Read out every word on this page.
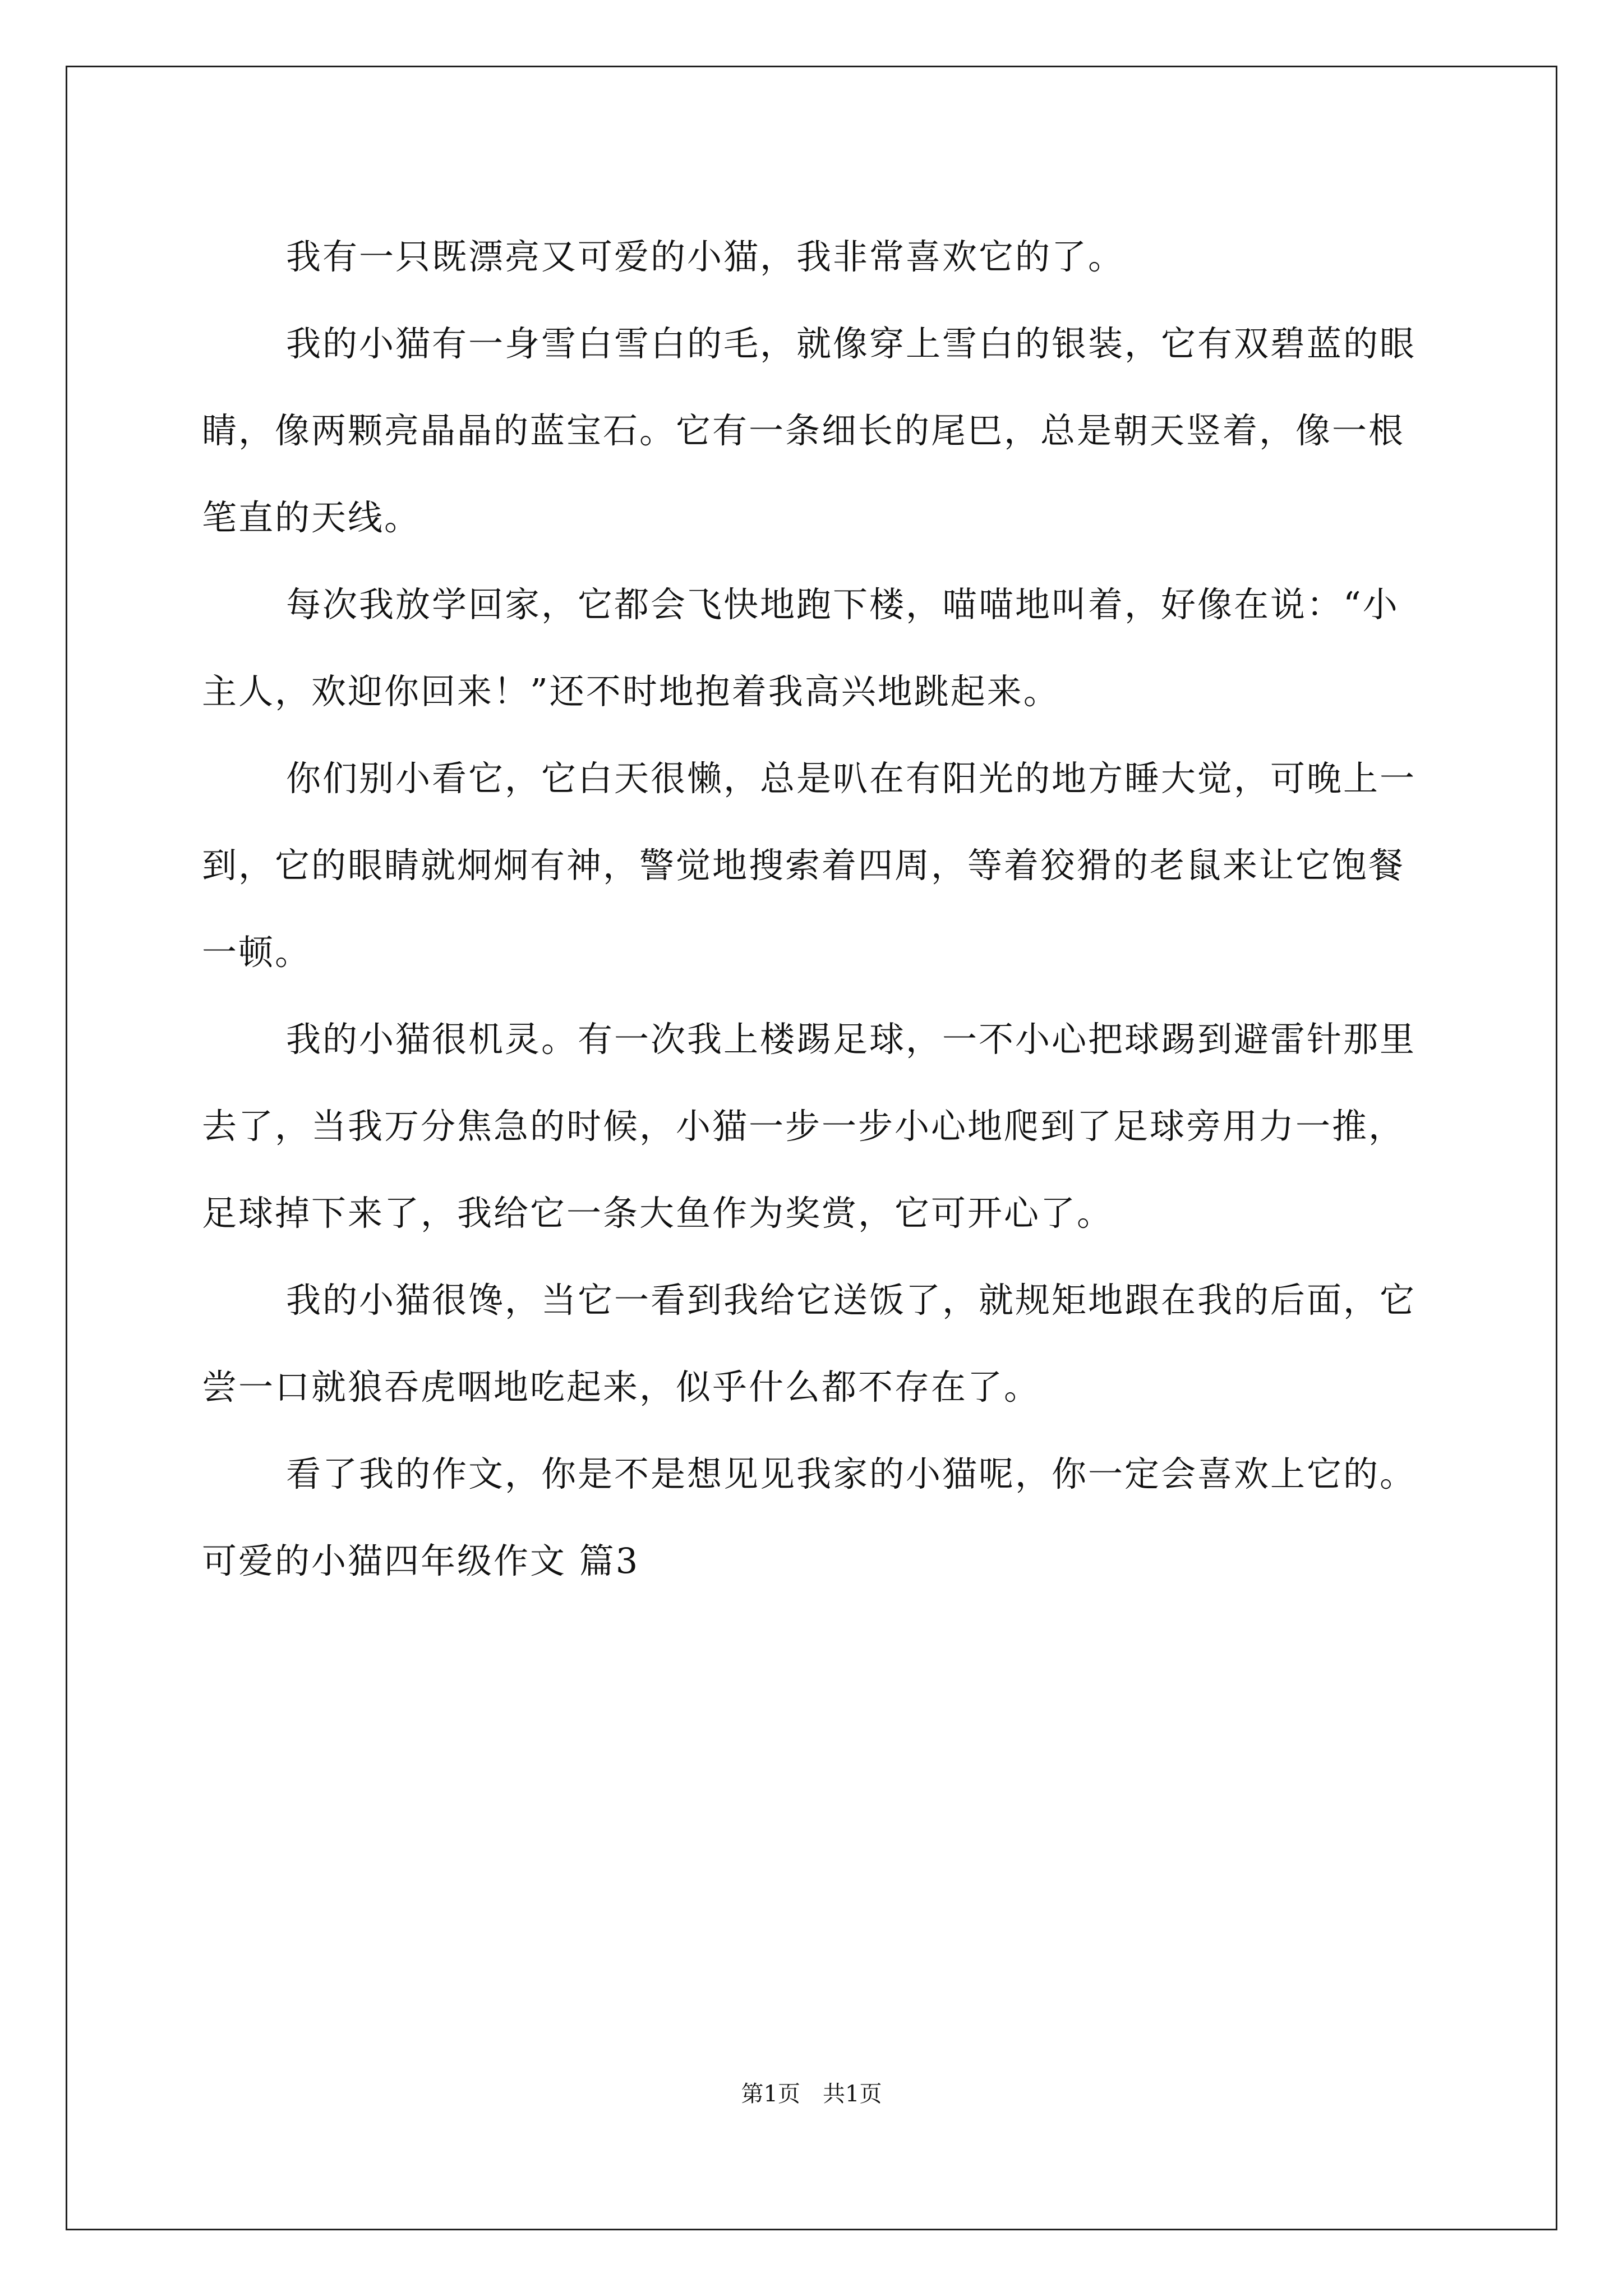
我有一只既漂亮又可爱的小猫，我非常喜欢它的了。

我的小猫有一身雪白雪白的毛，就像穿上雪白的银装，它有双碧蓝的眼睛，像两颗亮晶晶的蓝宝石。它有一条细长的尾巴，总是朝天竖着，像一根笔直的天线。

每次我放学回家，它都会飞快地跑下楼，喵喵地叫着，好像在说：“小主人，欢迎你回来！”还不时地抱着我高兴地跳起来。

你们别小看它，它白天很懒，总是叭在有阳光的地方睡大觉，可晚上一到，它的眼睛就炯炯有神，警觉地搜索着四周，等着狡猾的老鼠来让它饱餐一顿。

我的小猫很机灵。有一次我上楼踢足球，一不小心把球踢到避雷针那里去了，当我万分焦急的时候，小猫一步一步小心地爬到了足球旁用力一推，足球掉下来了，我给它一条大鱼作为奖赏，它可开心了。

我的小猫很馋，当它一看到我给它送饭了，就规矩地跟在我的后面，它尝一口就狼吞虎咽地吃起来，似乎什么都不存在了。

看了我的作文，你是不是想见见我家的小猫呢，你一定会喜欢上它的。

可爱的小猫四年级作文 篇3

第1页 共1页
